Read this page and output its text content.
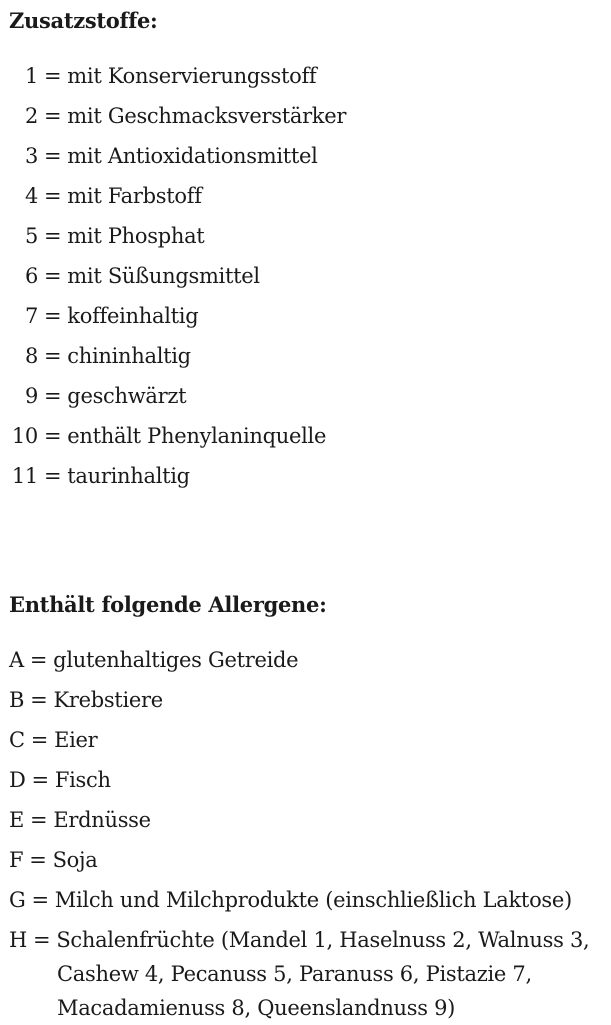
Zusatzstoffe:
1 = mit Konservierungsstoff
2 = mit Geschmacksverstärker
3 = mit Antioxidationsmittel
4 = mit Farbstoff
5 = mit Phosphat
6 = mit Süßungsmittel
7 = koffeinhaltig
8 = chininhaltig
9 = geschwärzt
10 = enthält Phenylaninquelle
11 = taurinhaltig
Enthält folgende Allergene:
A = glutenhaltiges Getreide
B = Krebstiere
C = Eier
D = Fisch
E = Erdnüsse
F = Soja
G = Milch und Milchprodukte (einschließlich Laktose)
H = Schalenfrüchte (Mandel 1, Haselnuss 2, Walnuss 3,
Cashew 4, Pecanuss 5, Paranuss 6, Pistazie 7,
Macadamienuss 8, Queenslandnuss 9)
